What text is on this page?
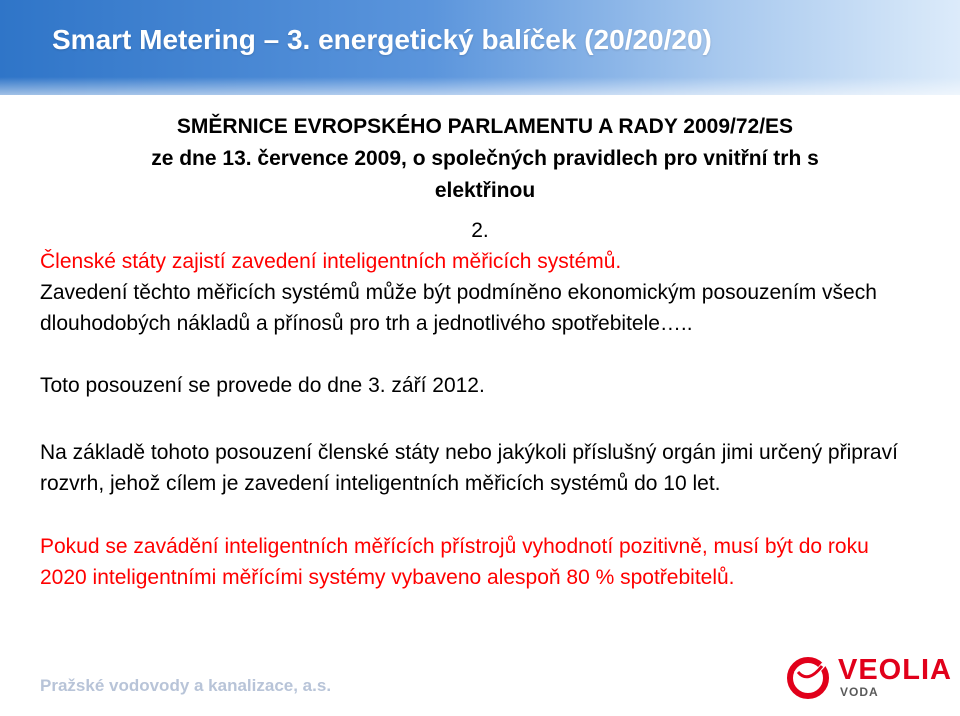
Smart Metering – 3. energetický balíček (20/20/20)
SMĚRNICE EVROPSKÉHO PARLAMENTU A RADY 2009/72/ES
ze dne 13. července 2009, o společných pravidlech pro vnitřní trh s
elektřinou

2.

Členské státy zajistí zavedení inteligentních měřicích systémů.

Zavedení těchto měřicích systémů může být podmíněno ekonomickým posouzením všech dlouhodobých nákladů a přínosů pro trh a jednotlivého spotřebitele…..

Toto posouzení se provede do dne 3. září 2012.

Na základě tohoto posouzení členské státy nebo jakýkoli příslušný orgán jimi určený připraví rozvrh, jehož cílem je zavedení inteligentních měřicích systémů do 10 let.

Pokud se zavádění inteligentních měřících přístrojů vyhodnotí pozitivně, musí být do roku 2020 inteligentními měřícími systémy vybaveno alespoň 80 % spotřebitelů.

Pražské vodovody a kanalizace, a.s.	VEOLIA
VODA
